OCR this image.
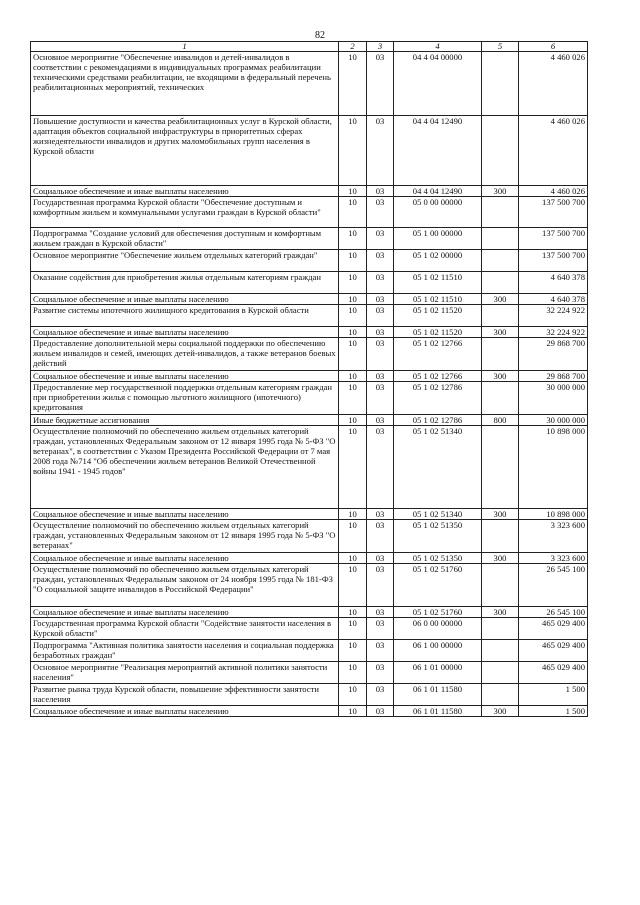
82
1	2	3	4	5	6
Основное мероприятие "Обеспечение инвалидов и детей-инвалидов в соответствии с рекомендациями в индивидуальных программах реабилитации техническими средствами реабилитации, не входящими в федеральный перечень реабилитационных мероприятий, технических	10	03	04 4 04 00000		4 460 026
Повышение доступности и качества реабилитационных услуг в Курской области, адаптация объектов социальной инфраструктуры в приоритетных сферах жизнедеятельности инвалидов и других маломобильных групп населения в Курской области	10	03	04 4 04 12490		4 460 026
Социальное обеспечение и иные выплаты населению	10	03	04 4 04 12490	300	4 460 026
Государственная программа Курской области "Обеспечение доступным и комфортным жильем и коммунальными услугами граждан в Курской области"	10	03	05 0 00 00000		137 500 700
Подпрограмма "Создание условий для обеспечения доступным и комфортным жильем граждан в Курской области"	10	03	05 1 00 00000		137 500 700
Основное мероприятие "Обеспечение жильем отдельных категорий граждан"	10	03	05 1 02 00000		137 500 700
Оказание содействия для приобретения жилья отдельным категориям граждан	10	03	05 1 02 11510		4 640 378
Социальное обеспечение и иные выплаты населению	10	03	05 1 02 11510	300	4 640 378
Развитие системы ипотечного жилищного кредитования в Курской области	10	03	05 1 02 11520		32 224 922
Социальное обеспечение и иные выплаты населению	10	03	05 1 02 11520	300	32 224 922
Предоставление дополнительной меры социальной поддержки по обеспечению жильем инвалидов и семей, имеющих детей-инвалидов, а также ветеранов боевых действий	10	03	05 1 02 12766		29 868 700
Социальное обеспечение и иные выплаты населению	10	03	05 1 02 12766	300	29 868 700
Предоставление мер государственной поддержки отдельным категориям граждан при приобретении жилья с помощью льготного жилищного (ипотечного) кредитования	10	03	05 1 02 12786		30 000 000
Иные бюджетные ассигнования	10	03	05 1 02 12786	800	30 000 000
Осуществление полномочий по обеспечению жильем отдельных категорий граждан, установленных Федеральным законом от 12 января 1995 года № 5-ФЗ "О ветеранах", в соответствии с Указом Президента Российской Федерации от 7 мая 2008 года №714 "Об обеспечении жильем ветеранов Великой Отечественной войны 1941 - 1945 годов"	10	03	05 1 02 51340		10 898 000
Социальное обеспечение и иные выплаты населению	10	03	05 1 02 51340	300	10 898 000
Осуществление полномочий по обеспечению жильем отдельных категорий граждан, установленных Федеральным законом от 12 января 1995 года № 5-ФЗ "О ветеранах"	10	03	05 1 02 51350		3 323 600
Социальное обеспечение и иные выплаты населению	10	03	05 1 02 51350	300	3 323 600
Осуществление полномочий по обеспечению жильем отдельных категорий граждан, установленных Федеральным законом от 24 ноября 1995 года № 181-ФЗ "О социальной защите инвалидов в Российской Федерации"	10	03	05 1 02 51760		26 545 100
Социальное обеспечение и иные выплаты населению	10	03	05 1 02 51760	300	26 545 100
Государственная программа Курской области "Содействие занятости населения в Курской области"	10	03	06 0 00 00000		465 029 400
Подпрограмма "Активная политика занятости населения и социальная поддержка безработных граждан"	10	03	06 1 00 00000		465 029 400
Основное мероприятие "Реализация мероприятий активной политики занятости населения"	10	03	06 1 01 00000		465 029 400
Развитие рынка труда Курской области, повышение эффективности занятости населения	10	03	06 1 01 11580		1 500
Социальное обеспечение и иные выплаты населению	10	03	06 1 01 11580	300	1 500
